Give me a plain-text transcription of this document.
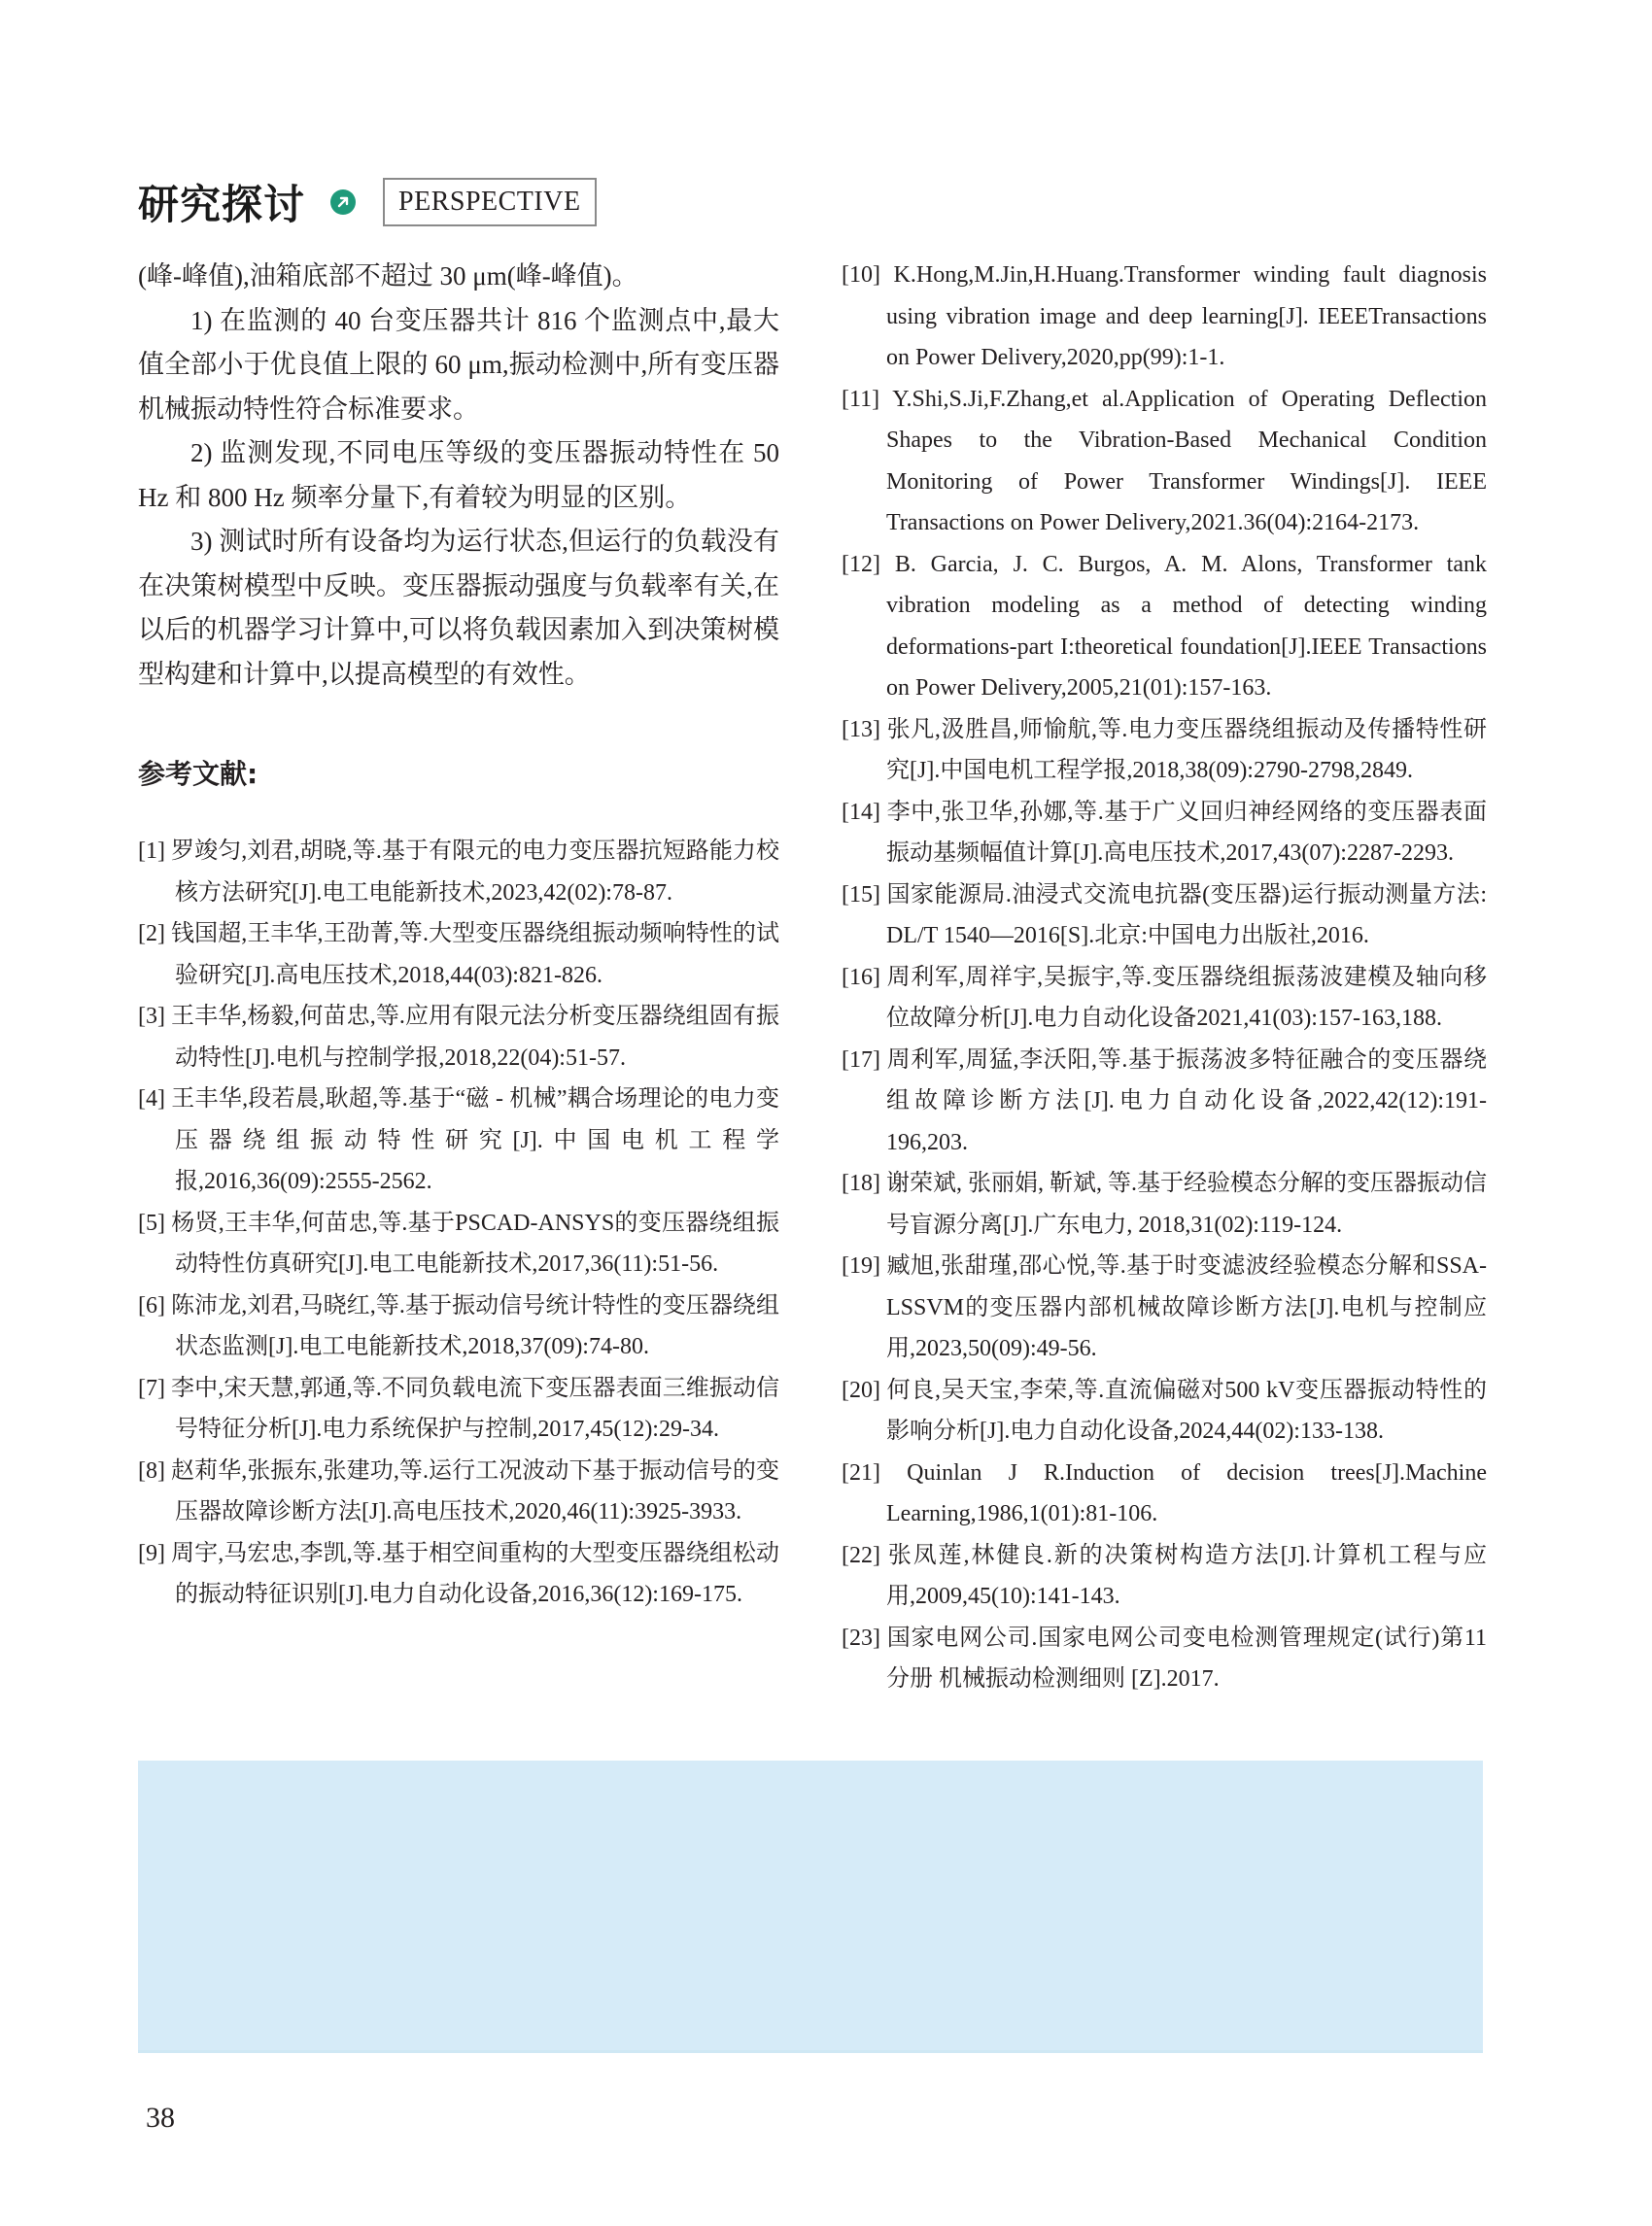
研究探讨	PERSPECTIVE

(峰-峰值),油箱底部不超过 30 μm(峰-峰值)。

1) 在监测的 40 台变压器共计 816 个监测点中,最大值全部小于优良值上限的 60 μm,振动检测中,所有变压器机械振动特性符合标准要求。

2) 监测发现,不同电压等级的变压器振动特性在 50 Hz 和 800 Hz 频率分量下,有着较为明显的区别。

3) 测试时所有设备均为运行状态,但运行的负载没有在决策树模型中反映。变压器振动强度与负载率有关,在以后的机器学习计算中,可以将负载因素加入到决策树模型构建和计算中,以提高模型的有效性。

参考文献:

[1] 罗竣匀,刘君,胡晓,等.基于有限元的电力变压器抗短路能力校核方法研究[J].电工电能新技术,2023,42(02):78-87.

[2] 钱国超,王丰华,王劭菁,等.大型变压器绕组振动频响特性的试验研究[J].高电压技术,2018,44(03):821-826.

[3] 王丰华,杨毅,何苗忠,等.应用有限元法分析变压器绕组固有振动特性[J].电机与控制学报,2018,22(04):51-57.

[4] 王丰华,段若晨,耿超,等.基于“磁 - 机械”耦合场理论的电力变压器绕组振动特性研究[J].中国电机工程学报,2016,36(09):2555-2562.

[5] 杨贤,王丰华,何苗忠,等.基于PSCAD-ANSYS的变压器绕组振动特性仿真研究[J].电工电能新技术,2017,36(11):51-56.

[6] 陈沛龙,刘君,马晓红,等.基于振动信号统计特性的变压器绕组状态监测[J].电工电能新技术,2018,37(09):74-80.

[7] 李中,宋天慧,郭通,等.不同负载电流下变压器表面三维振动信号特征分析[J].电力系统保护与控制,2017,45(12):29-34.

[8] 赵莉华,张振东,张建功,等.运行工况波动下基于振动信号的变压器故障诊断方法[J].高电压技术,2020,46(11):3925-3933.

[9] 周宇,马宏忠,李凯,等.基于相空间重构的大型变压器绕组松动的振动特征识别[J].电力自动化设备,2016,36(12):169-175.

[10] K.Hong,M.Jin,H.Huang.Transformer winding fault diagnosis using vibration image and deep learning[J]. IEEETransactions on Power Delivery,2020,pp(99):1-1.

[11] Y.Shi,S.Ji,F.Zhang,et al.Application of Operating Deflection Shapes to the Vibration-Based Mechanical Condition Monitoring of Power Transformer Windings[J]. IEEE Transactions on Power Delivery,2021.36(04):2164-2173.

[12] B. Garcia, J. C. Burgos, A. M. Alons, Transformer tank vibration modeling as a method of detecting winding deformations-part I:theoretical foundation[J].IEEE Transactions on Power Delivery,2005,21(01):157-163.

[13] 张凡,汲胜昌,师愉航,等.电力变压器绕组振动及传播特性研究[J].中国电机工程学报,2018,38(09):2790-2798,2849.

[14] 李中,张卫华,孙娜,等.基于广义回归神经网络的变压器表面振动基频幅值计算[J].高电压技术,2017,43(07):2287-2293.

[15] 国家能源局.油浸式交流电抗器(变压器)运行振动测量方法: DL/T 1540—2016[S].北京:中国电力出版社,2016.

[16] 周利军,周祥宇,吴振宇,等.变压器绕组振荡波建模及轴向移位故障分析[J].电力自动化设备2021,41(03):157-163,188.

[17] 周利军,周猛,李沃阳,等.基于振荡波多特征融合的变压器绕组故障诊断方法[J].电力自动化设备,2022,42(12):191-196,203.

[18] 谢荣斌, 张丽娟, 靳斌, 等.基于经验模态分解的变压器振动信号盲源分离[J].广东电力, 2018,31(02):119-124.

[19] 臧旭,张甜瑾,邵心悦,等.基于时变滤波经验模态分解和SSA-LSSVM的变压器内部机械故障诊断方法[J].电机与控制应用,2023,50(09):49-56.

[20] 何良,吴天宝,李荣,等.直流偏磁对500 kV变压器振动特性的影响分析[J].电力自动化设备,2024,44(02):133-138.

[21] Quinlan J R.Induction of decision trees[J].Machine Learning,1986,1(01):81-106.

[22] 张凤莲,林健良.新的决策树构造方法[J].计算机工程与应用,2009,45(10):141-143.

[23] 国家电网公司.国家电网公司变电检测管理规定(试行)第11分册 机械振动检测细则 [Z].2017.

38
